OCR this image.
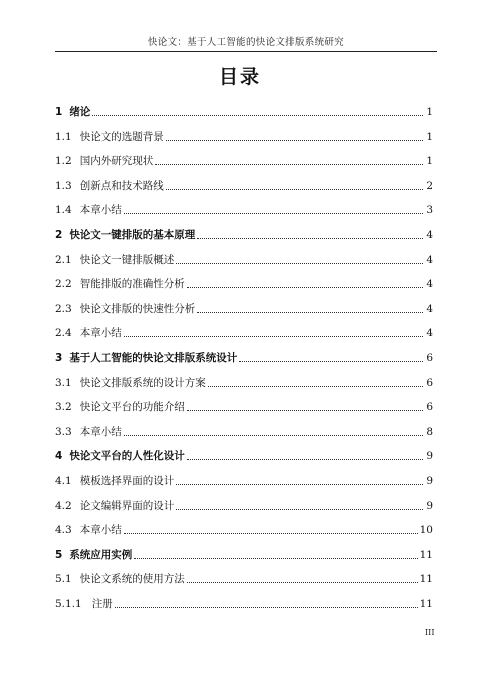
快论文：基于人工智能的快论文排版系统研究
目录
1 绪论	1
1.1 快论文的选题背景	1
1.2 国内外研究现状	1
1.3 创新点和技术路线	2
1.4 本章小结	3
2 快论文一键排版的基本原理	4
2.1 快论文一键排版概述	4
2.2 智能排版的准确性分析	4
2.3 快论文排版的快速性分析	4
2.4 本章小结	4
3 基于人工智能的快论文排版系统设计	6
3.1 快论文排版系统的设计方案	6
3.2 快论文平台的功能介绍	6
3.3 本章小结	8
4 快论文平台的人性化设计	9
4.1 模板选择界面的设计	9
4.2 论文编辑界面的设计	9
4.3 本章小结	10
5 系统应用实例	11
5.1 快论文系统的使用方法	11
5.1.1 注册	11
III
